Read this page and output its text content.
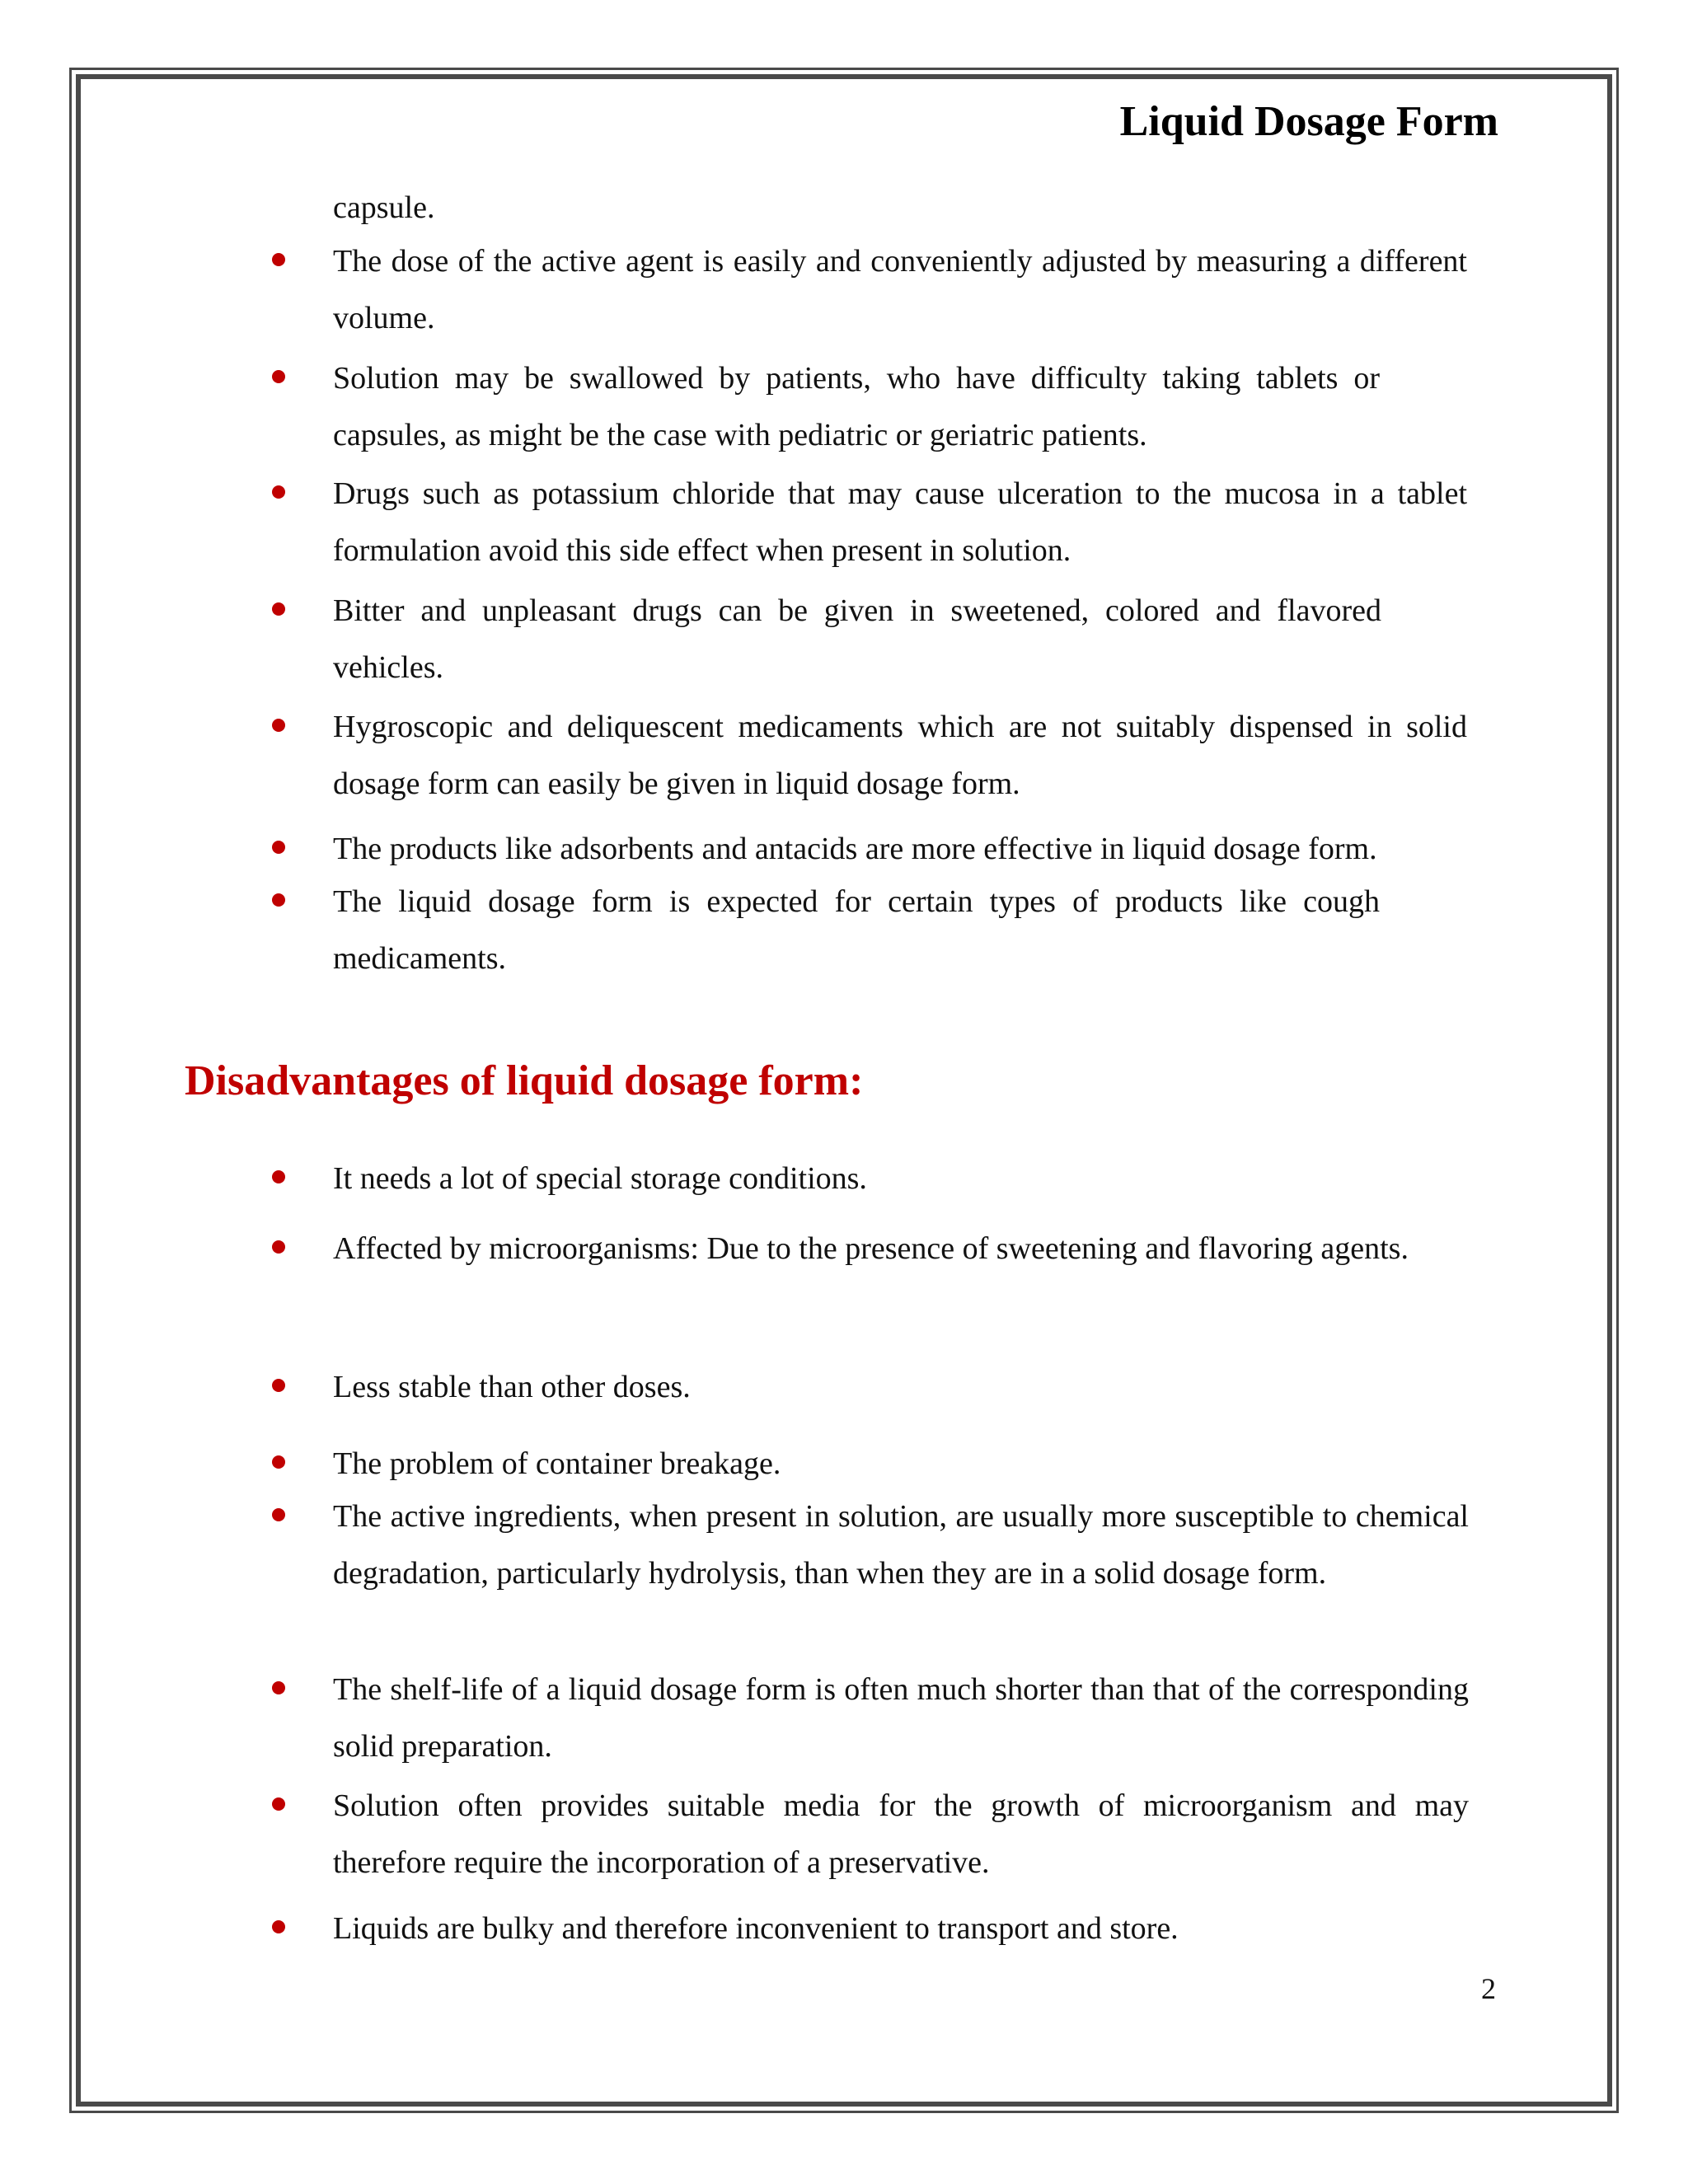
Liquid Dosage Form
capsule.
The dose of the active agent is easily and conveniently adjusted by measuring a different volume.
Solution may be swallowed by patients, who have difficulty taking tablets or capsules, as might be the case with pediatric or geriatric patients.
Drugs such as potassium chloride that may cause ulceration to the mucosa in a tablet formulation avoid this side effect when present in solution.
Bitter and unpleasant drugs can be given in sweetened, colored and flavored vehicles.
Hygroscopic and deliquescent medicaments which are not suitably dispensed in solid dosage form can easily be given in liquid dosage form.
The products like adsorbents and antacids are more effective in liquid dosage form.
The liquid dosage form is expected for certain types of products like cough medicaments.
Disadvantages of liquid dosage form:
It needs a lot of special storage conditions.
Affected by microorganisms: Due to the presence of sweetening and flavoring agents.
Less stable than other doses.
The problem of container breakage.
The active ingredients, when present in solution, are usually more susceptible to chemical degradation, particularly hydrolysis, than when they are in a solid dosage form.
The shelf-life of a liquid dosage form is often much shorter than that of the corresponding solid preparation.
Solution often provides suitable media for the growth of microorganism and may therefore require the incorporation of a preservative.
Liquids are bulky and therefore inconvenient to transport and store.
2
